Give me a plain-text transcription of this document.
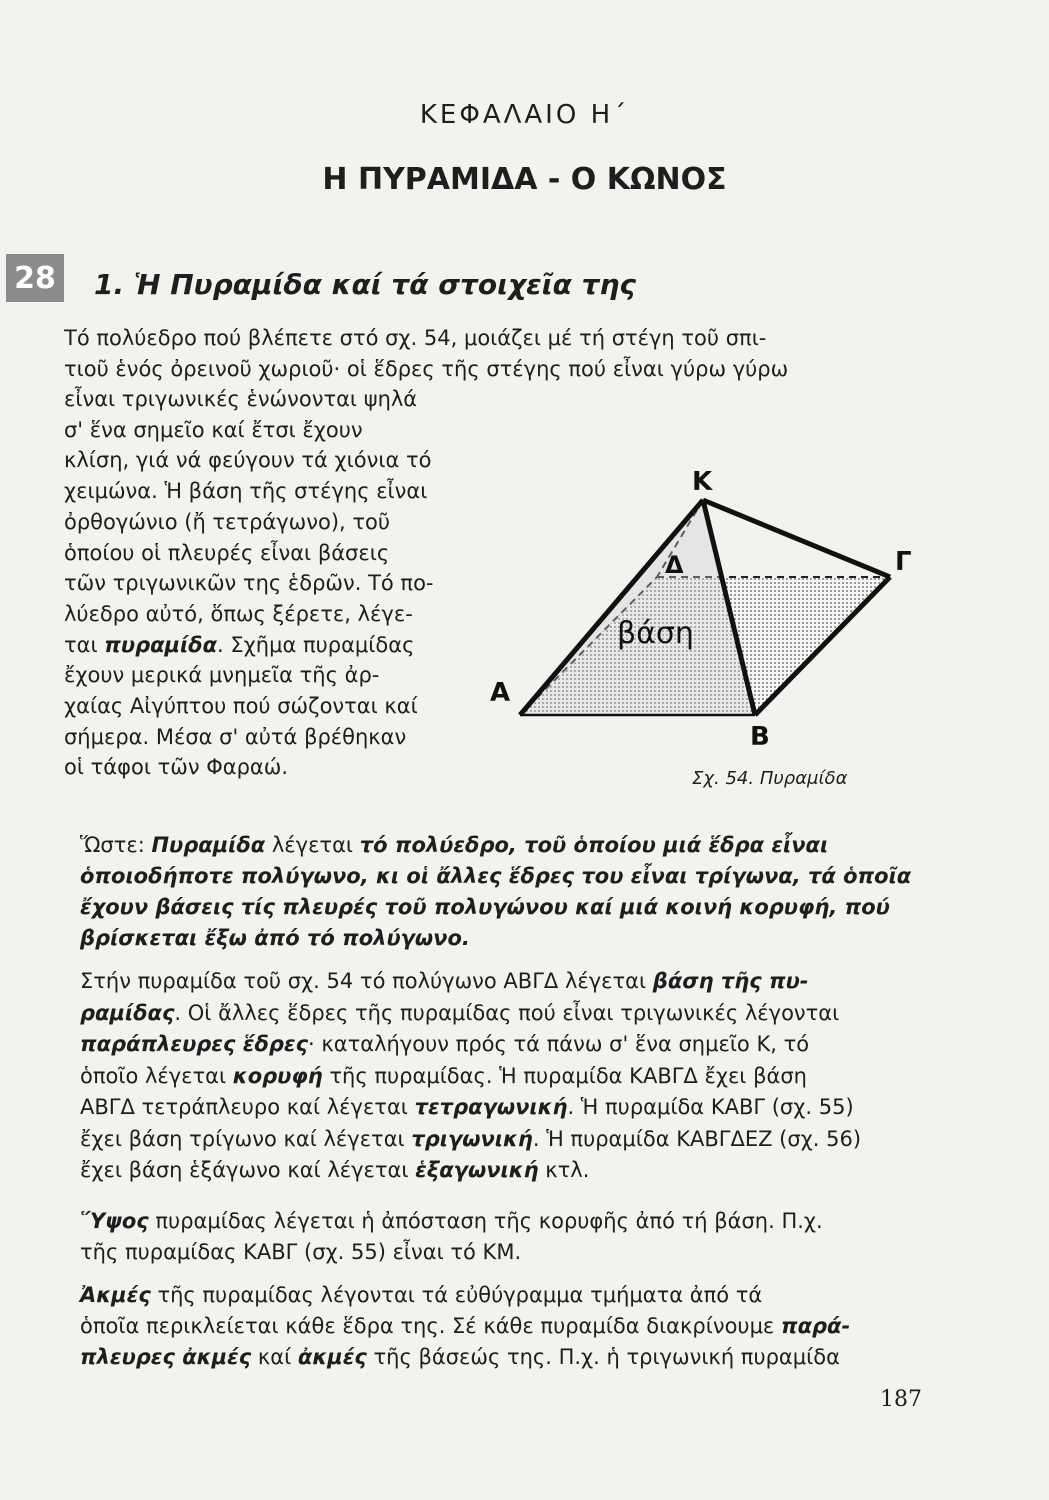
ΚΕΦΑΛΑΙΟ Η΄
Η ΠΥΡΑΜΙΔΑ - Ο ΚΩΝΟΣ
28 1. Ἡ Πυραμίδα καί τά στοιχεῖα της
Τό πολύεδρο πού βλέπετε στό σχ. 54, μοιάζει μέ τή στέγη τοῦ σπι-
τιοῦ ἑνός ὀρεινοῦ χωριοῦ· οἱ ἕδρες τῆς στέγης πού εἶναι γύρω γύρω
εἶναι τριγωνικές ἑνώνονται ψηλά
σ' ἕνα σημεῖο καί ἔτσι ἔχουν
κλίση, γιά νά φεύγουν τά χιόνια τό
χειμώνα. Ἡ βάση τῆς στέγης εἶναι
ὀρθογώνιο (ἤ τετράγωνο), τοῦ
ὁποίου οἱ πλευρές εἶναι βάσεις
τῶν τριγωνικῶν της ἑδρῶν. Τό πο-
λύεδρο αὐτό, ὅπως ξέρετε, λέγε-
ται πυραμίδα. Σχῆμα πυραμίδας
ἔχουν μερικά μνημεῖα τῆς ἀρ-
χαίας Αἰγύπτου πού σώζονται καί
σήμερα. Μέσα σ' αὐτά βρέθηκαν
οἱ τάφοι τῶν Φαραώ.
Κ
Α
Β
Γ
Δ
βάση
Σχ. 54. Πυραμίδα
Ὥστε: Πυραμίδα λέγεται τό πολύεδρο, τοῦ ὁποίου μιά ἕδρα εἶναι
ὁποιοδήποτε πολύγωνο, κι οἱ ἄλλες ἕδρες του εἶναι τρίγωνα, τά ὁποῖα
ἔχουν βάσεις τίς πλευρές τοῦ πολυγώνου καί μιά κοινή κορυφή, πού
βρίσκεται ἔξω ἀπό τό πολύγωνο.
Στήν πυραμίδα τοῦ σχ. 54 τό πολύγωνο ΑΒΓΔ λέγεται βάση τῆς πυ-
ραμίδας. Οἱ ἄλλες ἕδρες τῆς πυραμίδας πού εἶναι τριγωνικές λέγονται
παράπλευρες ἕδρες· καταλήγουν πρός τά πάνω σ' ἕνα σημεῖο Κ, τό
ὁποῖο λέγεται κορυφή τῆς πυραμίδας. Ἡ πυραμίδα ΚΑΒΓΔ ἔχει βάση
ΑΒΓΔ τετράπλευρο καί λέγεται τετραγωνική. Ἡ πυραμίδα ΚΑΒΓ (σχ. 55)
ἔχει βάση τρίγωνο καί λέγεται τριγωνική. Ἡ πυραμίδα ΚΑΒΓΔΕΖ (σχ. 56)
ἔχει βάση ἑξάγωνο καί λέγεται ἑξαγωνική κτλ.
Ὕψος πυραμίδας λέγεται ἡ ἀπόσταση τῆς κορυφῆς ἀπό τή βάση. Π.χ.
τῆς πυραμίδας ΚΑΒΓ (σχ. 55) εἶναι τό ΚΜ.
Ἀκμές τῆς πυραμίδας λέγονται τά εὐθύγραμμα τμήματα ἀπό τά
ὁποῖα περικλείεται κάθε ἕδρα της. Σέ κάθε πυραμίδα διακρίνουμε παρά-
πλευρες ἀκμές καί ἀκμές τῆς βάσεώς της. Π.χ. ἡ τριγωνική πυραμίδα
187
